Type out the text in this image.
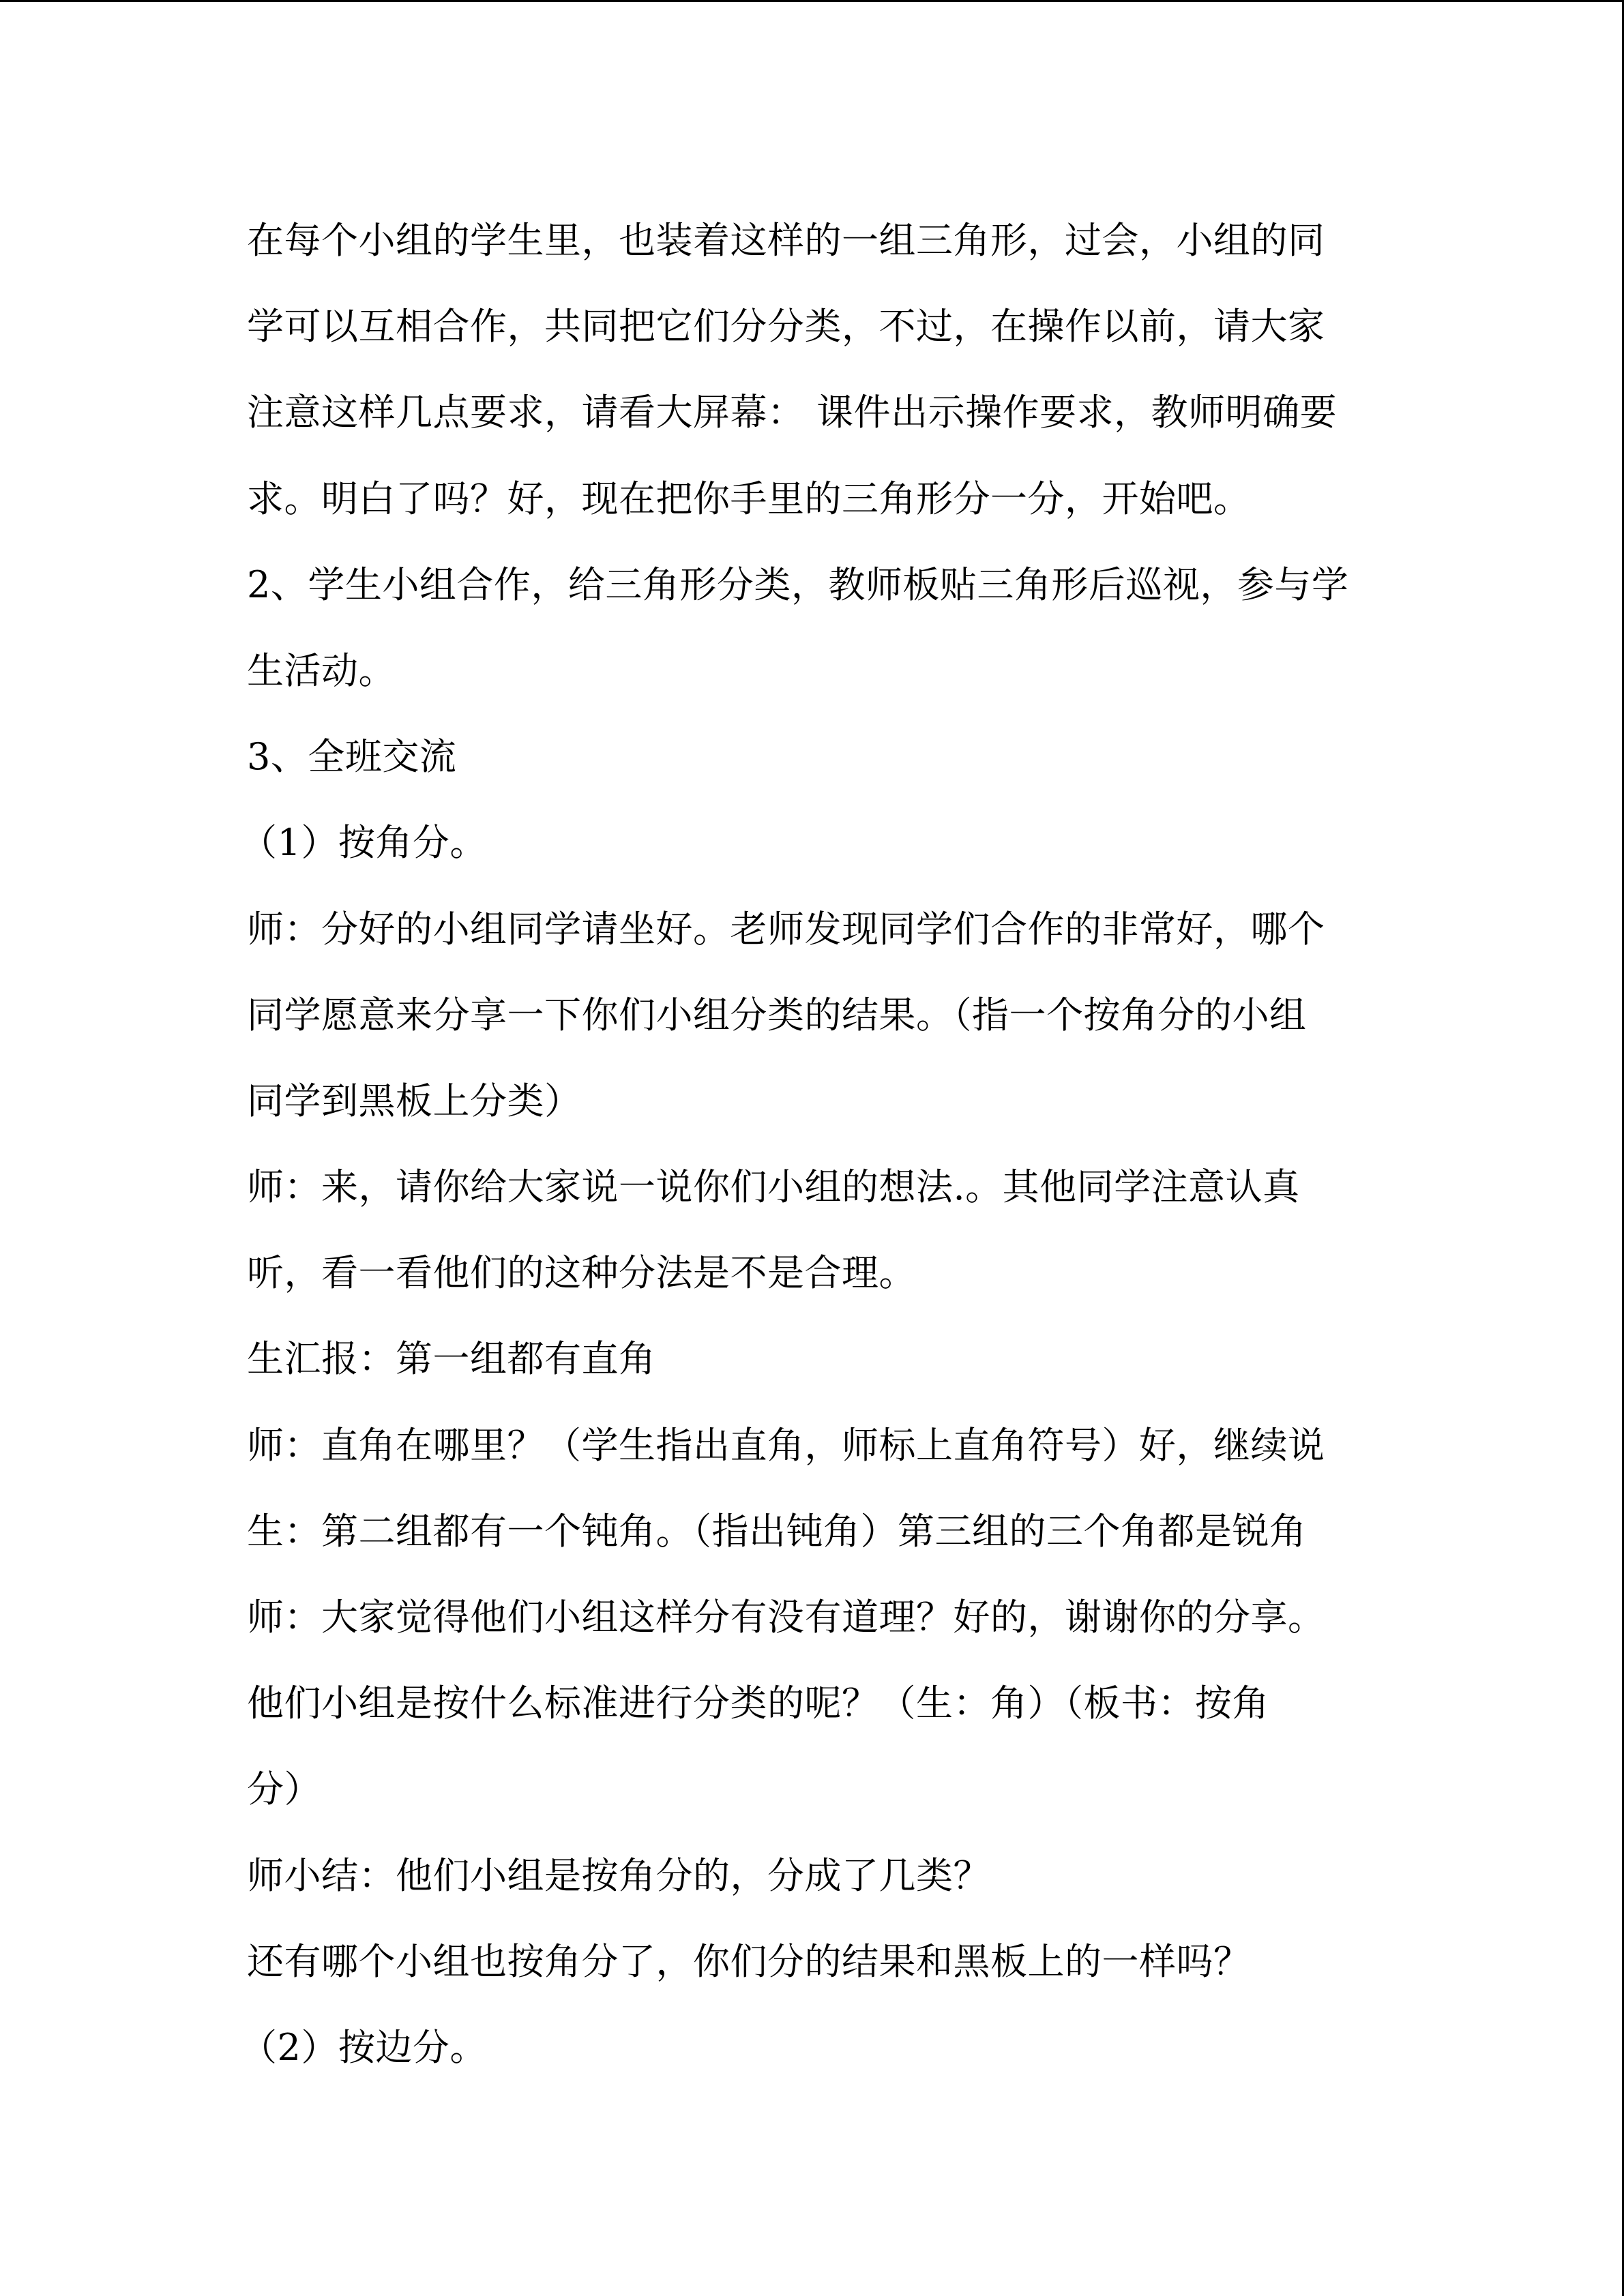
在每个小组的学生里，也装着这样的一组三角形，过会，小组的同
学可以互相合作，共同把它们分分类，不过，在操作以前，请大家
注意这样几点要求，请看大屏幕： 课件出示操作要求，教师明确要
求。明白了吗？好，现在把你手里的三角形分一分，开始吧。
2、学生小组合作，给三角形分类，教师板贴三角形后巡视，参与学
生活动。
3、全班交流
（1）按角分。
师：分好的小组同学请坐好。老师发现同学们合作的非常好，哪个
同学愿意来分享一下你们小组分类的结果。（指一个按角分的小组
同学到黑板上分类）
师：来，请你给大家说一说你们小组的想法.。其他同学注意认真
听，看一看他们的这种分法是不是合理。
生汇报：第一组都有直角
师：直角在哪里？（学生指出直角，师标上直角符号）好，继续说
生：第二组都有一个钝角。（指出钝角）第三组的三个角都是锐角
师：大家觉得他们小组这样分有没有道理？好的，谢谢你的分享。
他们小组是按什么标准进行分类的呢？（生：角）（板书：按角
分）
师小结：他们小组是按角分的，分成了几类？
还有哪个小组也按角分了，你们分的结果和黑板上的一样吗？
（2）按边分。
